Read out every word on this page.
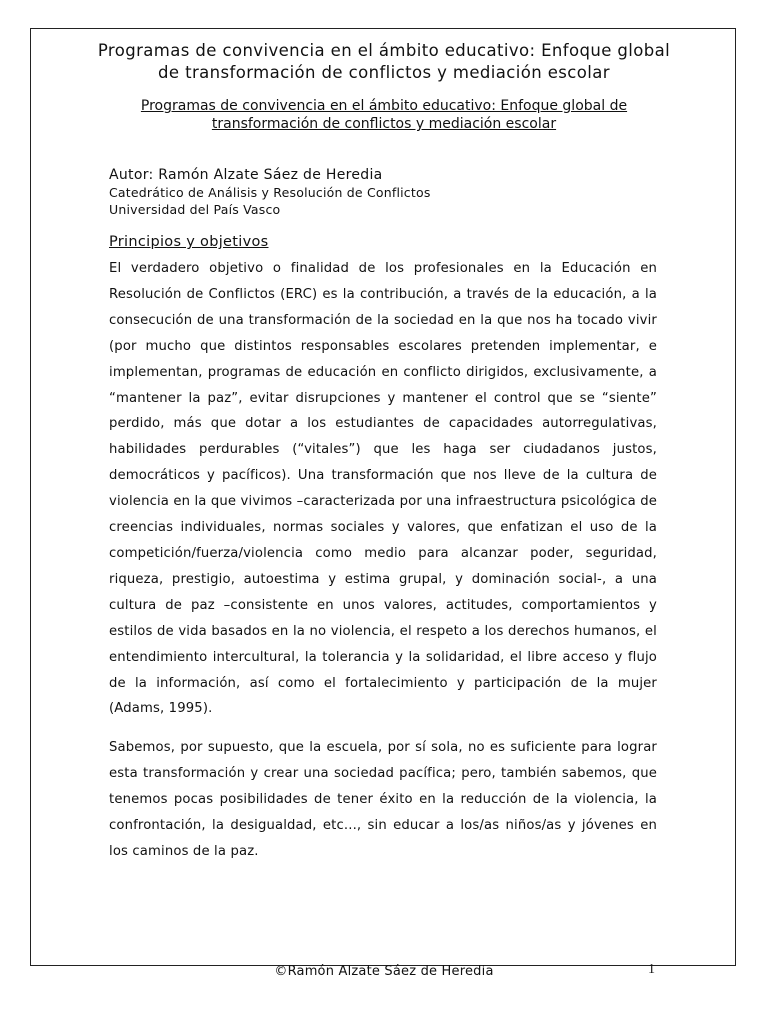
Programas de convivencia en el ámbito educativo: Enfoque global
de transformación de conflictos y mediación escolar
Programas de convivencia en el ámbito educativo: Enfoque global de
transformación de conflictos y mediación escolar
Autor: Ramón Alzate Sáez de Heredia
Catedrático de Análisis y Resolución de Conflictos
Universidad del País Vasco
Principios y objetivos
El verdadero objetivo o finalidad de los profesionales en la Educación en Resolución de Conflictos (ERC) es la contribución, a través de la educación, a la consecución de una transformación de la sociedad en la que nos ha tocado vivir (por mucho que distintos responsables escolares pretenden implementar, e implementan, programas de educación en conflicto dirigidos, exclusivamente, a “mantener la paz”, evitar disrupciones y mantener el control que se “siente” perdido, más que dotar a los estudiantes de capacidades autorregulativas, habilidades perdurables (“vitales”) que les haga ser ciudadanos justos, democráticos y pacíficos). Una transformación que nos lleve de la cultura de violencia en la que vivimos –caracterizada por una infraestructura psicológica de creencias individuales, normas sociales y valores, que enfatizan el uso de la competición/fuerza/violencia como medio para alcanzar poder, seguridad, riqueza, prestigio, autoestima y estima grupal, y dominación social-, a una cultura de paz –consistente en unos valores, actitudes, comportamientos y estilos de vida basados en la no violencia, el respeto a los derechos humanos, el entendimiento intercultural, la tolerancia y la solidaridad, el libre acceso y flujo de la información, así como el fortalecimiento y participación de la mujer (Adams, 1995).
Sabemos, por supuesto, que la escuela, por sí sola, no es suficiente para lograr esta transformación y crear una sociedad pacífica; pero, también sabemos, que tenemos pocas posibilidades de tener éxito en la reducción de la violencia, la confrontación, la desigualdad, etc..., sin educar a los/as niños/as y jóvenes en los caminos de la paz.
©Ramón Alzate Sáez de Heredia	1
